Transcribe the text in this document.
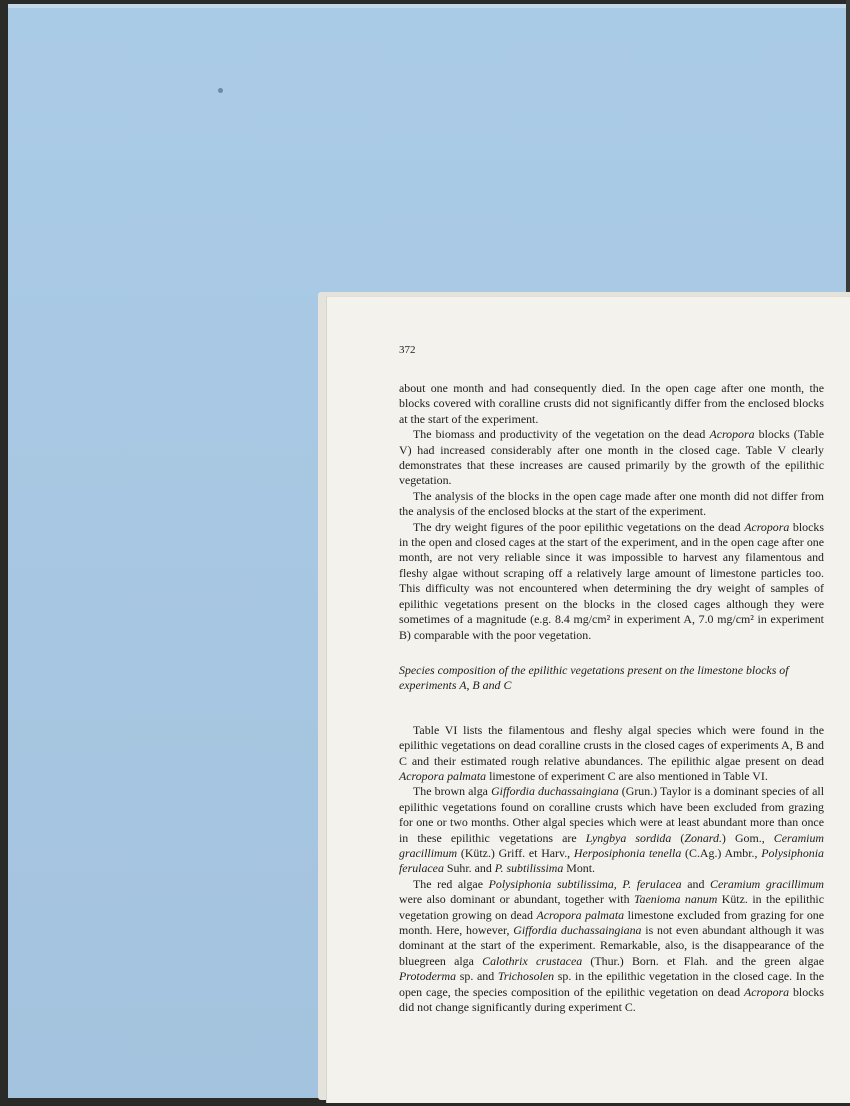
372

about one month and had consequently died. In the open cage after one month, the blocks covered with coralline crusts did not significantly differ from the enclosed blocks at the start of the experiment.

The biomass and productivity of the vegetation on the dead Acropora blocks (Table V) had increased considerably after one month in the closed cage. Table V clearly demonstrates that these increases are caused primarily by the growth of the epilithic vegetation.

The analysis of the blocks in the open cage made after one month did not differ from the analysis of the enclosed blocks at the start of the experiment.

The dry weight figures of the poor epilithic vegetations on the dead Acropora blocks in the open and closed cages at the start of the experiment, and in the open cage after one month, are not very reliable since it was impossible to harvest any filamentous and fleshy algae without scraping off a relatively large amount of limestone particles too. This difficulty was not encountered when determining the dry weight of samples of epilithic vegetations present on the blocks in the closed cages although they were sometimes of a magnitude (e.g. 8.4 mg/cm² in experiment A, 7.0 mg/cm² in experiment B) comparable with the poor vegetation.

Species composition of the epilithic vegetations present on the limestone blocks of experiments A, B and C

Table VI lists the filamentous and fleshy algal species which were found in the epilithic vegetations on dead coralline crusts in the closed cages of experiments A, B and C and their estimated rough relative abundances. The epilithic algae present on dead Acropora palmata limestone of experiment C are also mentioned in Table VI.

The brown alga Giffordia duchassaingiana (Grun.) Taylor is a dominant species of all epilithic vegetations found on coralline crusts which have been excluded from grazing for one or two months. Other algal species which were at least abundant more than once in these epilithic vegetations are Lyngbya sordida (Zonard.) Gom., Ceramium gracillimum (Kütz.) Griff. et Harv., Herposiphonia tenella (C.Ag.) Ambr., Polysiphonia ferulacea Suhr. and P. subtilissima Mont.

The red algae Polysiphonia subtilissima, P. ferulacea and Ceramium gracillimum were also dominant or abundant, together with Taenioma nanum Kütz. in the epilithic vegetation growing on dead Acropora palmata limestone excluded from grazing for one month. Here, however, Giffordia duchassaingiana is not even abundant although it was dominant at the start of the experiment. Remarkable, also, is the disappearance of the bluegreen alga Calothrix crustacea (Thur.) Born. et Flah. and the green algae Protoderma sp. and Trichosolen sp. in the epilithic vegetation in the closed cage. In the open cage, the species composition of the epilithic vegetation on dead Acropora blocks did not change significantly during experiment C.
